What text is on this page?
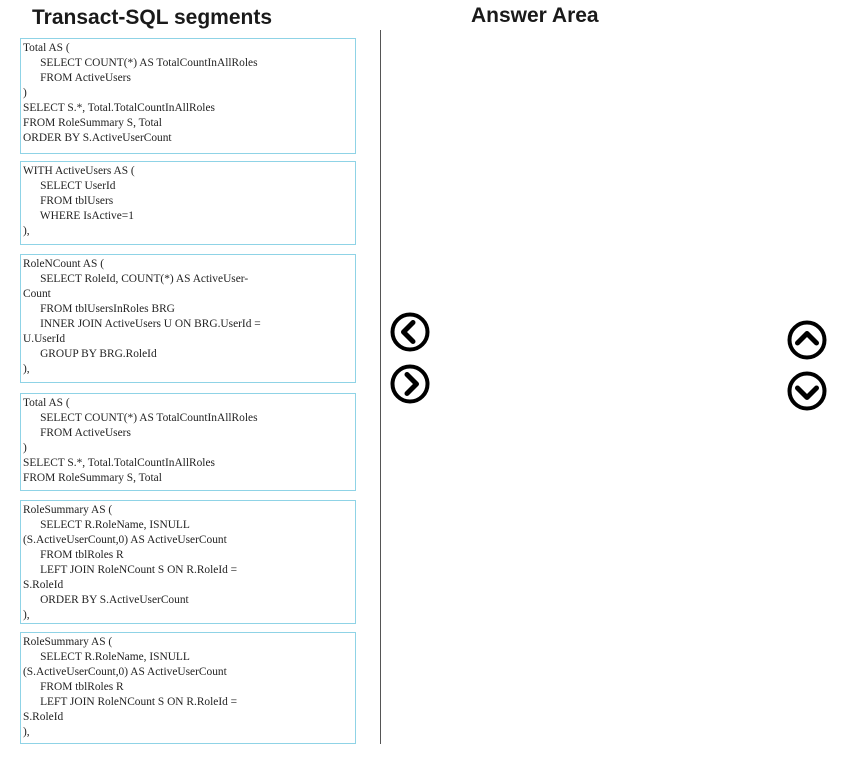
Transact-SQL segments	Answer Area
Total AS (
SELECT COUNT(*) AS TotalCountInAllRoles
FROM ActiveUsers
)
SELECT S.*, Total.TotalCountInAllRoles
FROM RoleSummary S, Total
ORDER BY S.ActiveUserCount
WITH ActiveUsers AS (
SELECT UserId
FROM tblUsers
WHERE IsActive=1
),
RoleNCount AS (
SELECT RoleId, COUNT(*) AS ActiveUser-
Count
FROM tblUsersInRoles BRG
INNER JOIN ActiveUsers U ON BRG.UserId =
U.UserId
GROUP BY BRG.RoleId
),
Total AS (
SELECT COUNT(*) AS TotalCountInAllRoles
FROM ActiveUsers
)
SELECT S.*, Total.TotalCountInAllRoles
FROM RoleSummary S, Total
RoleSummary AS (
SELECT R.RoleName, ISNULL
(S.ActiveUserCount,0) AS ActiveUserCount
FROM tblRoles R
LEFT JOIN RoleNCount S ON R.RoleId =
S.RoleId
ORDER BY S.ActiveUserCount
),
RoleSummary AS (
SELECT R.RoleName, ISNULL
(S.ActiveUserCount,0) AS ActiveUserCount
FROM tblRoles R
LEFT JOIN RoleNCount S ON R.RoleId =
S.RoleId
),
